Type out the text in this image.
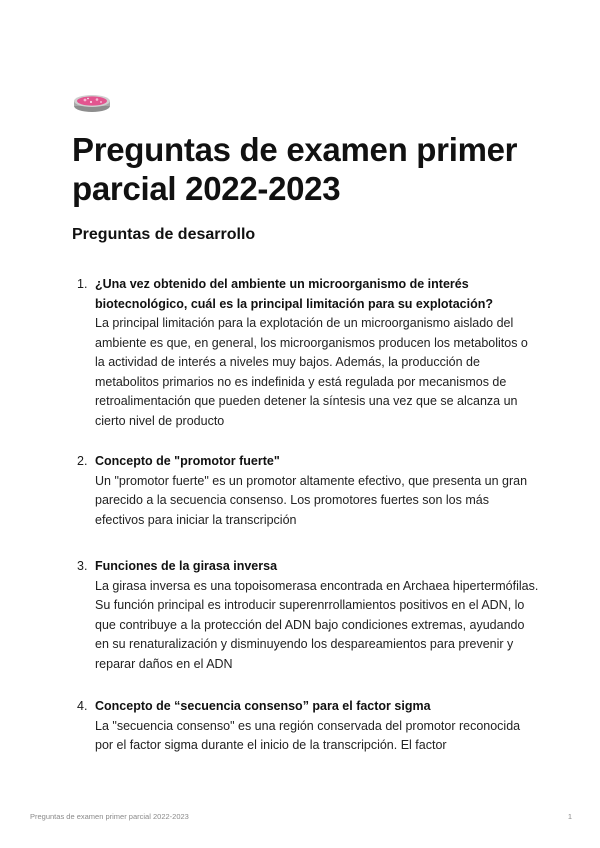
Preguntas de examen primer parcial 2022-2023
Preguntas de desarrollo
1. ¿Una vez obtenido del ambiente un microorganismo de interés biotecnológico, cuál es la principal limitación para su explotación?

La principal limitación para la explotación de un microorganismo aislado del ambiente es que, en general, los microorganismos producen los metabolitos o la actividad de interés a niveles muy bajos. Además, la producción de metabolitos primarios no es indefinida y está regulada por mecanismos de retroalimentación que pueden detener la síntesis una vez que se alcanza un cierto nivel de producto

2. Concepto de "promotor fuerte"

Un "promotor fuerte" es un promotor altamente efectivo, que presenta un gran parecido a la secuencia consenso. Los promotores fuertes son los más efectivos para iniciar la transcripción

3. Funciones de la girasa inversa

La girasa inversa es una topoisomerasa encontrada en Archaea hipertermófilas. Su función principal es introducir superenrrollamientos positivos en el ADN, lo que contribuye a la protección del ADN bajo condiciones extremas, ayudando en su renaturalización y disminuyendo los despareamientos para prevenir y reparar daños en el ADN

4. Concepto de “secuencia consenso” para el factor sigma

La "secuencia consenso" es una región conservada del promotor reconocida por el factor sigma durante el inicio de la transcripción. El factor

Preguntas de examen primer parcial 2022-2023	1
